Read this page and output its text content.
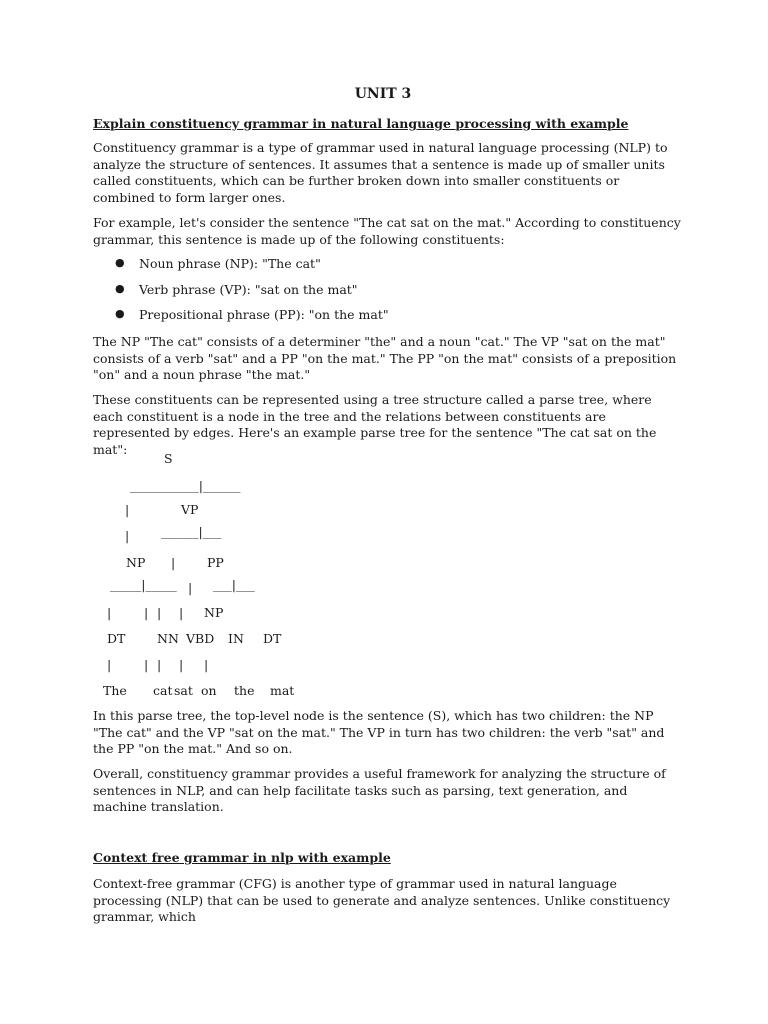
UNIT 3
Explain constituency grammar in natural language processing with example
Constituency grammar is a type of grammar used in natural language processing (NLP) to analyze the structure of sentences. It assumes that a sentence is made up of smaller units called constituents, which can be further broken down into smaller constituents or combined to form larger ones.
For example, let's consider the sentence "The cat sat on the mat." According to constituency grammar, this sentence is made up of the following constituents:
● Noun phrase (NP): "The cat"
● Verb phrase (VP): "sat on the mat"
● Prepositional phrase (PP): "on the mat"
The NP "The cat" consists of a determiner "the" and a noun "cat." The VP "sat on the mat" consists of a verb "sat" and a PP "on the mat." The PP "on the mat" consists of a preposition "on" and a noun phrase "the mat."
These constituents can be represented using a tree structure called a parse tree, where each constituent is a node in the tree and the relations between constituents are represented by edges. Here's an example parse tree for the sentence "The cat sat on the mat":
S
___________|______
|	VP
|	______|___
NP |	PP
_____|_____ | ___|___
|	| | | NP
DT	NN VBD IN DT
|	| | | |
The cat sat on the mat
In this parse tree, the top-level node is the sentence (S), which has two children: the NP "The cat" and the VP "sat on the mat." The VP in turn has two children: the verb "sat" and the PP "on the mat." And so on.
Overall, constituency grammar provides a useful framework for analyzing the structure of sentences in NLP, and can help facilitate tasks such as parsing, text generation, and machine translation.
Context free grammar in nlp with example
Context-free grammar (CFG) is another type of grammar used in natural language processing (NLP) that can be used to generate and analyze sentences. Unlike constituency grammar, which
